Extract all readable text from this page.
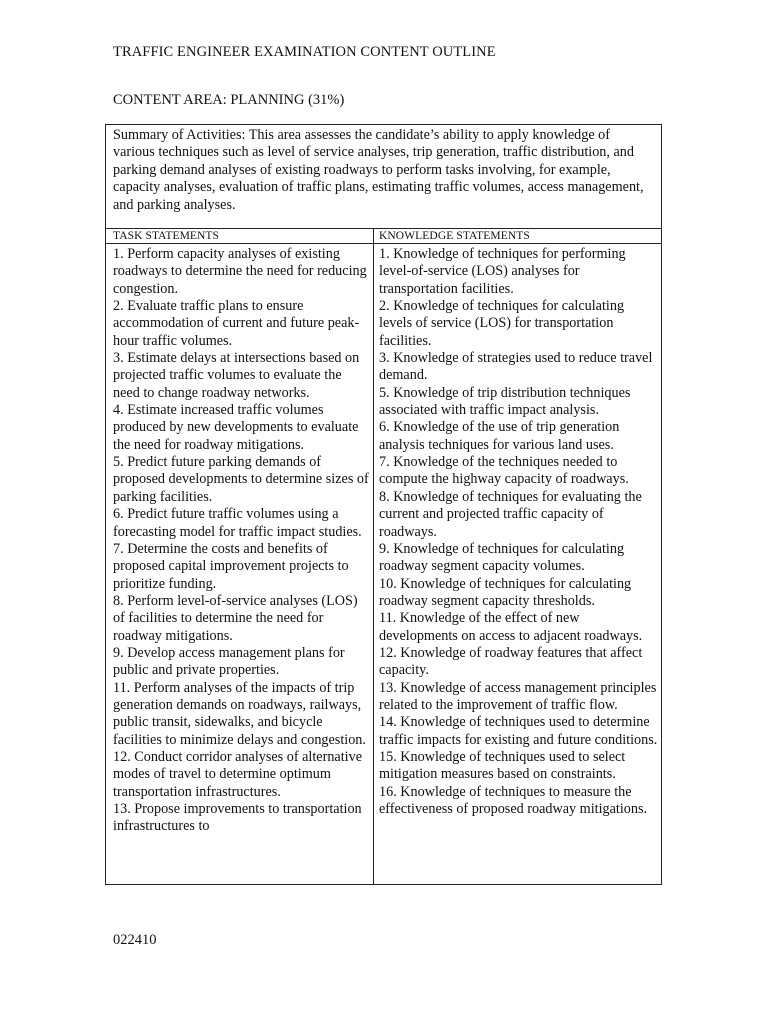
TRAFFIC ENGINEER EXAMINATION CONTENT OUTLINE
CONTENT AREA: PLANNING (31%)
Summary of Activities: This area assesses the candidate’s ability to apply knowledge of various techniques such as level of service analyses, trip generation, traffic distribution, and parking demand analyses of existing roadways to perform tasks involving, for example, capacity analyses, evaluation of traffic plans, estimating traffic volumes, access management, and parking analyses.
TASK STATEMENTS	KNOWLEDGE STATEMENTS

1. Perform capacity analyses of existing roadways to determine the need for reducing congestion.

2. Evaluate traffic plans to ensure accommodation of current and future peak-hour traffic volumes.

3. Estimate delays at intersections based on projected traffic volumes to evaluate the need to change roadway networks.

4. Estimate increased traffic volumes produced by new developments to evaluate the need for roadway mitigations.

5. Predict future parking demands of proposed developments to determine sizes of parking facilities.

6. Predict future traffic volumes using a forecasting model for traffic impact studies.

7. Determine the costs and benefits of proposed capital improvement projects to prioritize funding.

8. Perform level-of-service analyses (LOS) of facilities to determine the need for roadway mitigations.

9. Develop access management plans for public and private properties.

11. Perform analyses of the impacts of trip generation demands on roadways, railways, public transit, sidewalks, and bicycle facilities to minimize delays and congestion.

12. Conduct corridor analyses of alternative modes of travel to determine optimum transportation infrastructures.

13. Propose improvements to transportation infrastructures to

1. Knowledge of techniques for performing level-of-service (LOS) analyses for transportation facilities.

2. Knowledge of techniques for calculating levels of service (LOS) for transportation facilities.

3. Knowledge of strategies used to reduce travel demand.

5. Knowledge of trip distribution techniques associated with traffic impact analysis.

6. Knowledge of the use of trip generation analysis techniques for various land uses.

7. Knowledge of the techniques needed to compute the highway capacity of roadways.

8. Knowledge of techniques for evaluating the current and projected traffic capacity of roadways.

9. Knowledge of techniques for calculating roadway segment capacity volumes.

10. Knowledge of techniques for calculating roadway segment capacity thresholds.

11. Knowledge of the effect of new developments on access to adjacent roadways.

12. Knowledge of roadway features that affect capacity.

13. Knowledge of access management principles related to the improvement of traffic flow.

14. Knowledge of techniques used to determine traffic impacts for existing and future conditions.

15. Knowledge of techniques used to select mitigation measures based on constraints.

16. Knowledge of techniques to measure the effectiveness of proposed roadway mitigations.

022410
